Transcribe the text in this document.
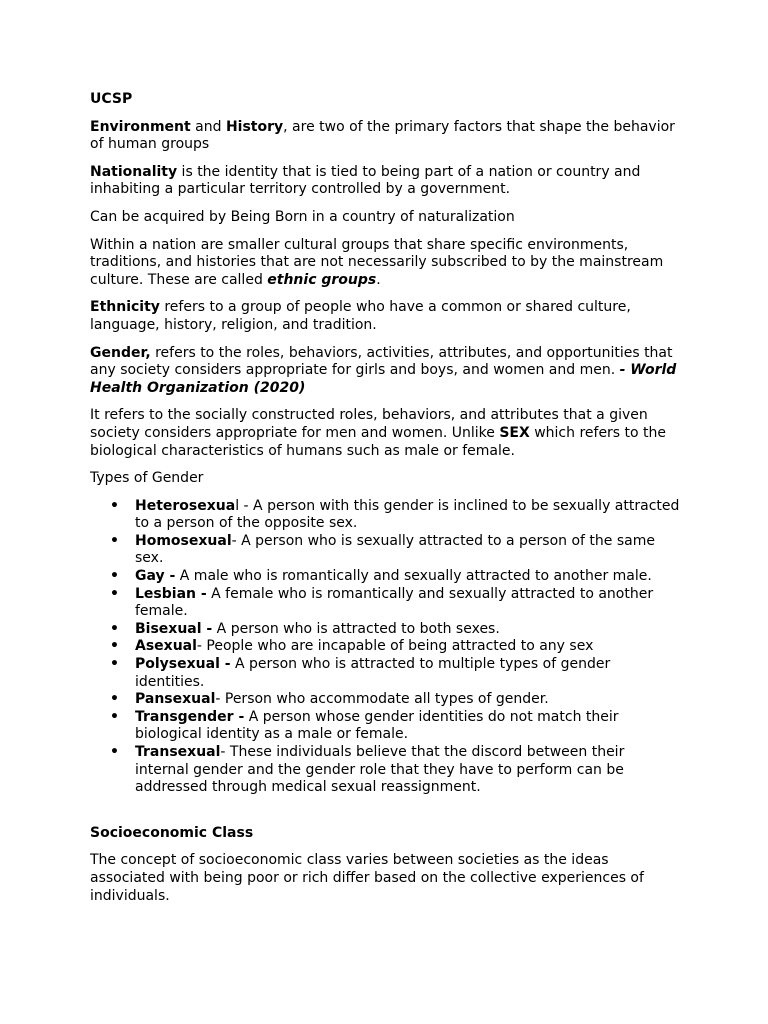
UCSP

Environment and History, are two of the primary factors that shape the behavior of human groups

Nationality is the identity that is tied to being part of a nation or country and inhabiting a particular territory controlled by a government.

Can be acquired by Being Born in a country of naturalization

Within a nation are smaller cultural groups that share specific environments, traditions, and histories that are not necessarily subscribed to by the mainstream culture. These are called ethnic groups.

Ethnicity refers to a group of people who have a common or shared culture, language, history, religion, and tradition.

Gender, refers to the roles, behaviors, activities, attributes, and opportunities that any society considers appropriate for girls and boys, and women and men. - World Health Organization (2020)

It refers to the socially constructed roles, behaviors, and attributes that a given society considers appropriate for men and women. Unlike SEX which refers to the biological characteristics of humans such as male or female.

Types of Gender
• Heterosexual - A person with this gender is inclined to be sexually attracted to a person of the opposite sex.
• Homosexual- A person who is sexually attracted to a person of the same sex.
• Gay - A male who is romantically and sexually attracted to another male.
• Lesbian - A female who is romantically and sexually attracted to another female.
• Bisexual - A person who is attracted to both sexes.
• Asexual- People who are incapable of being attracted to any sex
• Polysexual - A person who is attracted to multiple types of gender identities.
• Pansexual- Person who accommodate all types of gender.
• Transgender - A person whose gender identities do not match their biological identity as a male or female.
• Transexual- These individuals believe that the discord between their internal gender and the gender role that they have to perform can be addressed through medical sexual reassignment.
Socioeconomic Class

The concept of socioeconomic class varies between societies as the ideas associated with being poor or rich differ based on the collective experiences of individuals.
